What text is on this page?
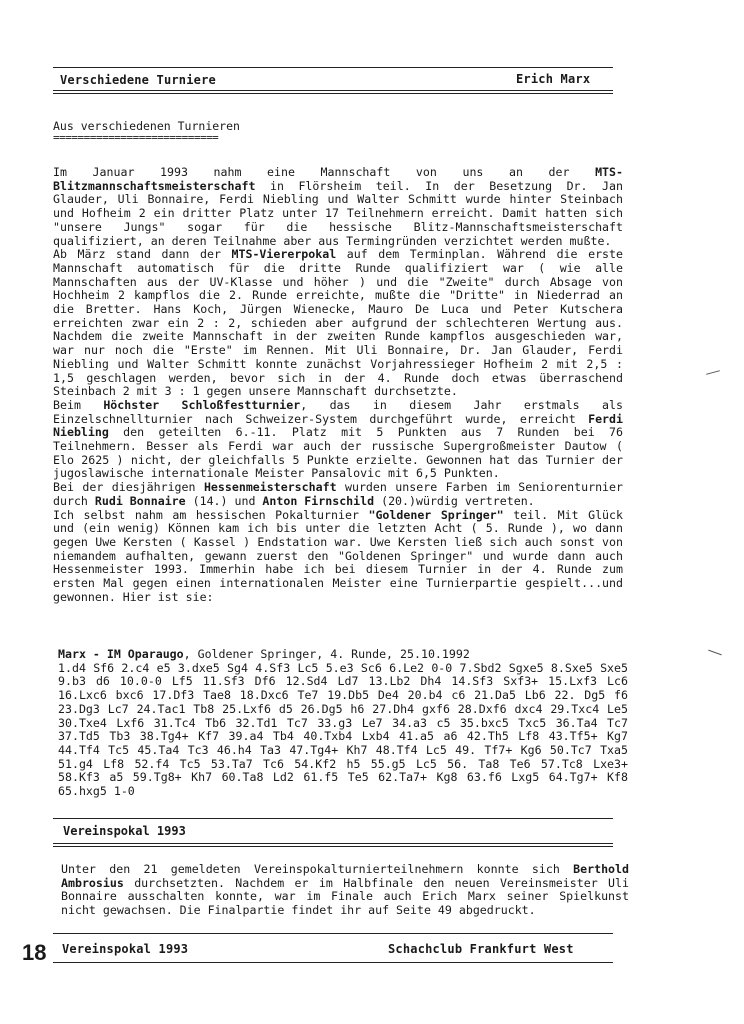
Verschiedene Turniere	Erich Marx
Aus verschiedenen Turnieren
===========================

Im Januar 1993 nahm eine Mannschaft von uns an der MTS-Blitzmannschaftsmeisterschaft in Flörsheim teil. In der Besetzung Dr. Jan Glauder, Uli Bonnaire, Ferdi Niebling und Walter Schmitt wurde hinter Steinbach und Hofheim 2 ein dritter Platz unter 17 Teilnehmern erreicht. Damit hatten sich "unsere Jungs" sogar für die hessische Blitz-Mannschaftsmeisterschaft qualifiziert, an deren Teilnahme aber aus Termingründen verzichtet werden mußte.

Ab März stand dann der MTS-Viererpokal auf dem Terminplan. Während die erste Mannschaft automatisch für die dritte Runde qualifiziert war ( wie alle Mannschaften aus der UV-Klasse und höher ) und die "Zweite" durch Absage von Hochheim 2 kampflos die 2. Runde erreichte, mußte die "Dritte" in Niederrad an die Bretter. Hans Koch, Jürgen Wienecke, Mauro De Luca und Peter Kutschera erreichten zwar ein 2 : 2, schieden aber aufgrund der schlechteren Wertung aus. Nachdem die zweite Mannschaft in der zweiten Runde kampflos ausgeschieden war, war nur noch die "Erste" im Rennen. Mit Uli Bonnaire, Dr. Jan Glauder, Ferdi Niebling und Walter Schmitt konnte zunächst Vorjahressieger Hofheim 2 mit 2,5 : 1,5 geschlagen werden, bevor sich in der 4. Runde doch etwas überraschend Steinbach 2 mit 3 : 1 gegen unsere Mannschaft durchsetzte.

Beim Höchster Schloßfestturnier, das in diesem Jahr erstmals als Einzelschnellturnier nach Schweizer-System durchgeführt wurde, erreicht Ferdi Niebling den geteilten 6.-11. Platz mit 5 Punkten aus 7 Runden bei 76 Teilnehmern. Besser als Ferdi war auch der russische Supergroßmeister Dautow ( Elo 2625 ) nicht, der gleichfalls 5 Punkte erzielte. Gewonnen hat das Turnier der jugoslawische internationale Meister Pansalovic mit 6,5 Punkten.

Bei der diesjährigen Hessenmeisterschaft wurden unsere Farben im Seniorenturnier durch Rudi Bonnaire (14.) und Anton Firnschild (20.)würdig vertreten.

Ich selbst nahm am hessischen Pokalturnier "Goldener Springer" teil. Mit Glück und (ein wenig) Können kam ich bis unter die letzten Acht ( 5. Runde ), wo dann gegen Uwe Kersten ( Kassel ) Endstation war. Uwe Kersten ließ sich auch sonst von niemandem aufhalten, gewann zuerst den "Goldenen Springer" und wurde dann auch Hessenmeister 1993. Immerhin habe ich bei diesem Turnier in der 4. Runde zum ersten Mal gegen einen internationalen Meister eine Turnierpartie gespielt...und gewonnen. Hier ist sie:

Marx - IM Oparaugo, Goldener Springer, 4. Runde, 25.10.1992

1.d4 Sf6 2.c4 e5 3.dxe5 Sg4 4.Sf3 Lc5 5.e3 Sc6 6.Le2 0-0 7.Sbd2 Sgxe5 8.Sxe5 Sxe5 9.b3 d6 10.0-0 Lf5 11.Sf3 Df6 12.Sd4 Ld7 13.Lb2 Dh4 14.Sf3 Sxf3+ 15.Lxf3 Lc6 16.Lxc6 bxc6 17.Df3 Tae8 18.Dxc6 Te7 19.Db5 De4 20.b4 c6 21.Da5 Lb6 22. Dg5 f6 23.Dg3 Lc7 24.Tac1 Tb8 25.Lxf6 d5 26.Dg5 h6 27.Dh4 gxf6 28.Dxf6 dxc4 29.Txc4 Le5 30.Txe4 Lxf6 31.Tc4 Tb6 32.Td1 Tc7 33.g3 Le7 34.a3 c5 35.bxc5 Txc5 36.Ta4 Tc7 37.Td5 Tb3 38.Tg4+ Kf7 39.a4 Tb4 40.Txb4 Lxb4 41.a5 a6 42.Th5 Lf8 43.Tf5+ Kg7 44.Tf4 Tc5 45.Ta4 Tc3 46.h4 Ta3 47.Tg4+ Kh7 48.Tf4 Lc5 49. Tf7+ Kg6 50.Tc7 Txa5 51.g4 Lf8 52.f4 Tc5 53.Ta7 Tc6 54.Kf2 h5 55.g5 Lc5 56. Ta8 Te6 57.Tc8 Lxe3+ 58.Kf3 a5 59.Tg8+ Kh7 60.Ta8 Ld2 61.f5 Te5 62.Ta7+ Kg8 63.f6 Lxg5 64.Tg7+ Kf8 65.hxg5 1-0

Vereinspokal 1993

Unter den 21 gemeldeten Vereinspokalturnierteilnehmern konnte sich Berthold Ambrosius durchsetzten. Nachdem er im Halbfinale den neuen Vereinsmeister Uli Bonnaire ausschalten konnte, war im Finale auch Erich Marx seiner Spielkunst nicht gewachsen. Die Finalpartie findet ihr auf Seite 49 abgedruckt.

18 Vereinspokal 1993	Schachclub Frankfurt West
